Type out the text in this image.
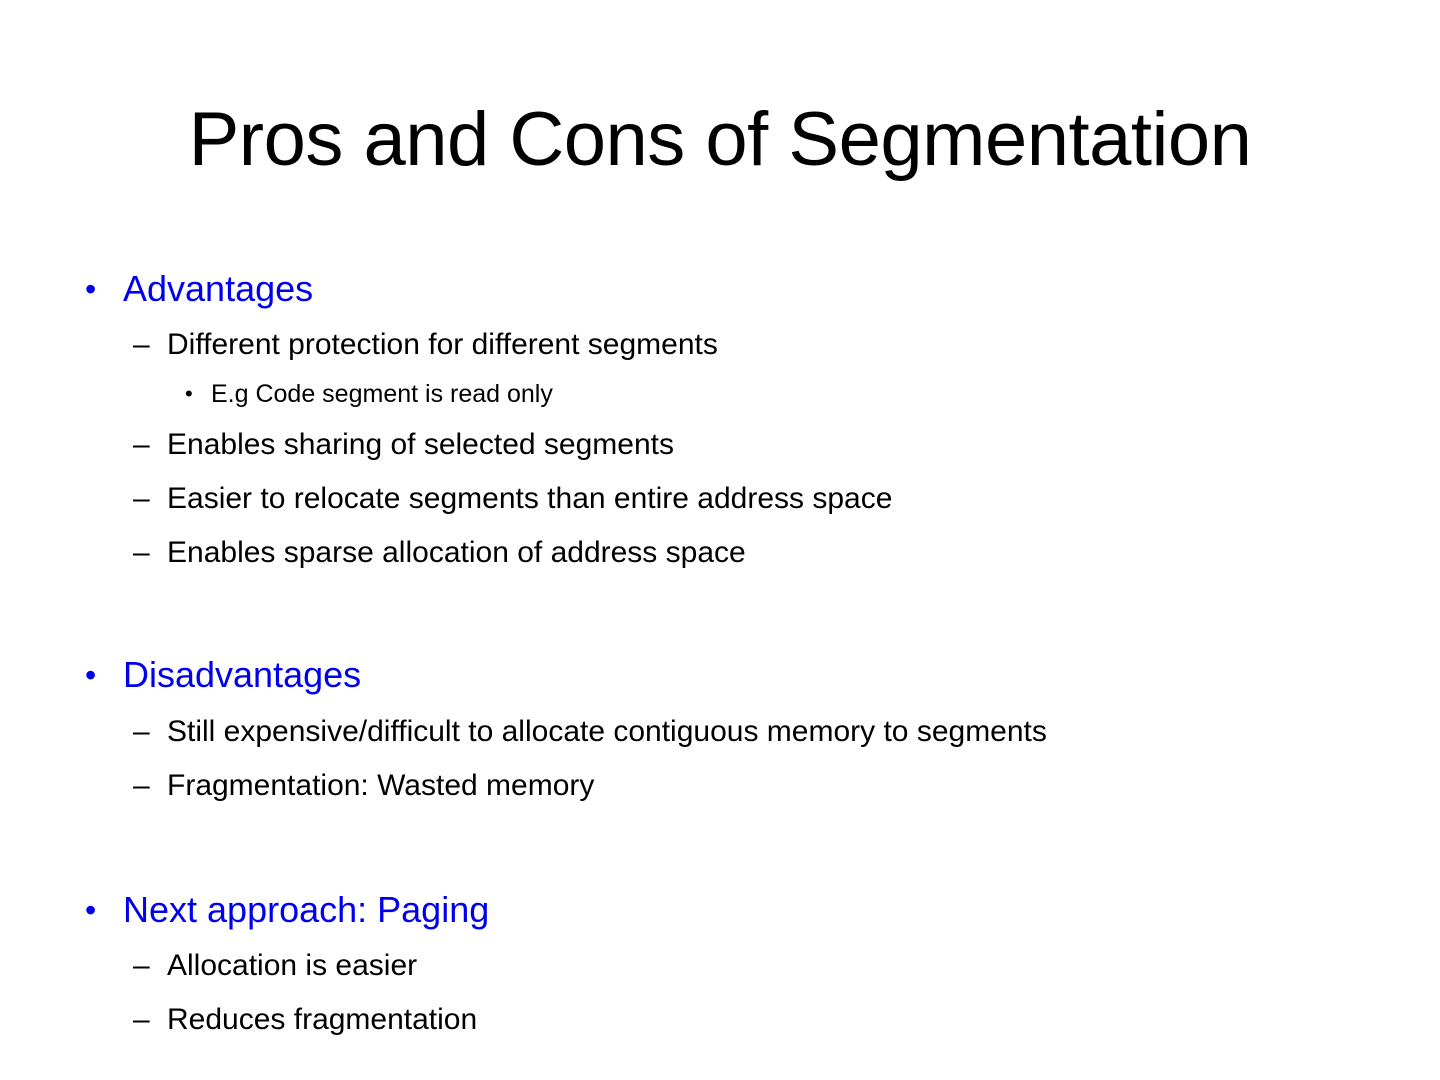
Pros and Cons of Segmentation
• Advantages
– Different protection for different segments
• E.g Code segment is read only
– Enables sharing of selected segments
– Easier to relocate segments than entire address space
– Enables sparse allocation of address space
• Disadvantages
– Still expensive/difficult to allocate contiguous memory to segments
– Fragmentation: Wasted memory
• Next approach: Paging
– Allocation is easier
– Reduces fragmentation
